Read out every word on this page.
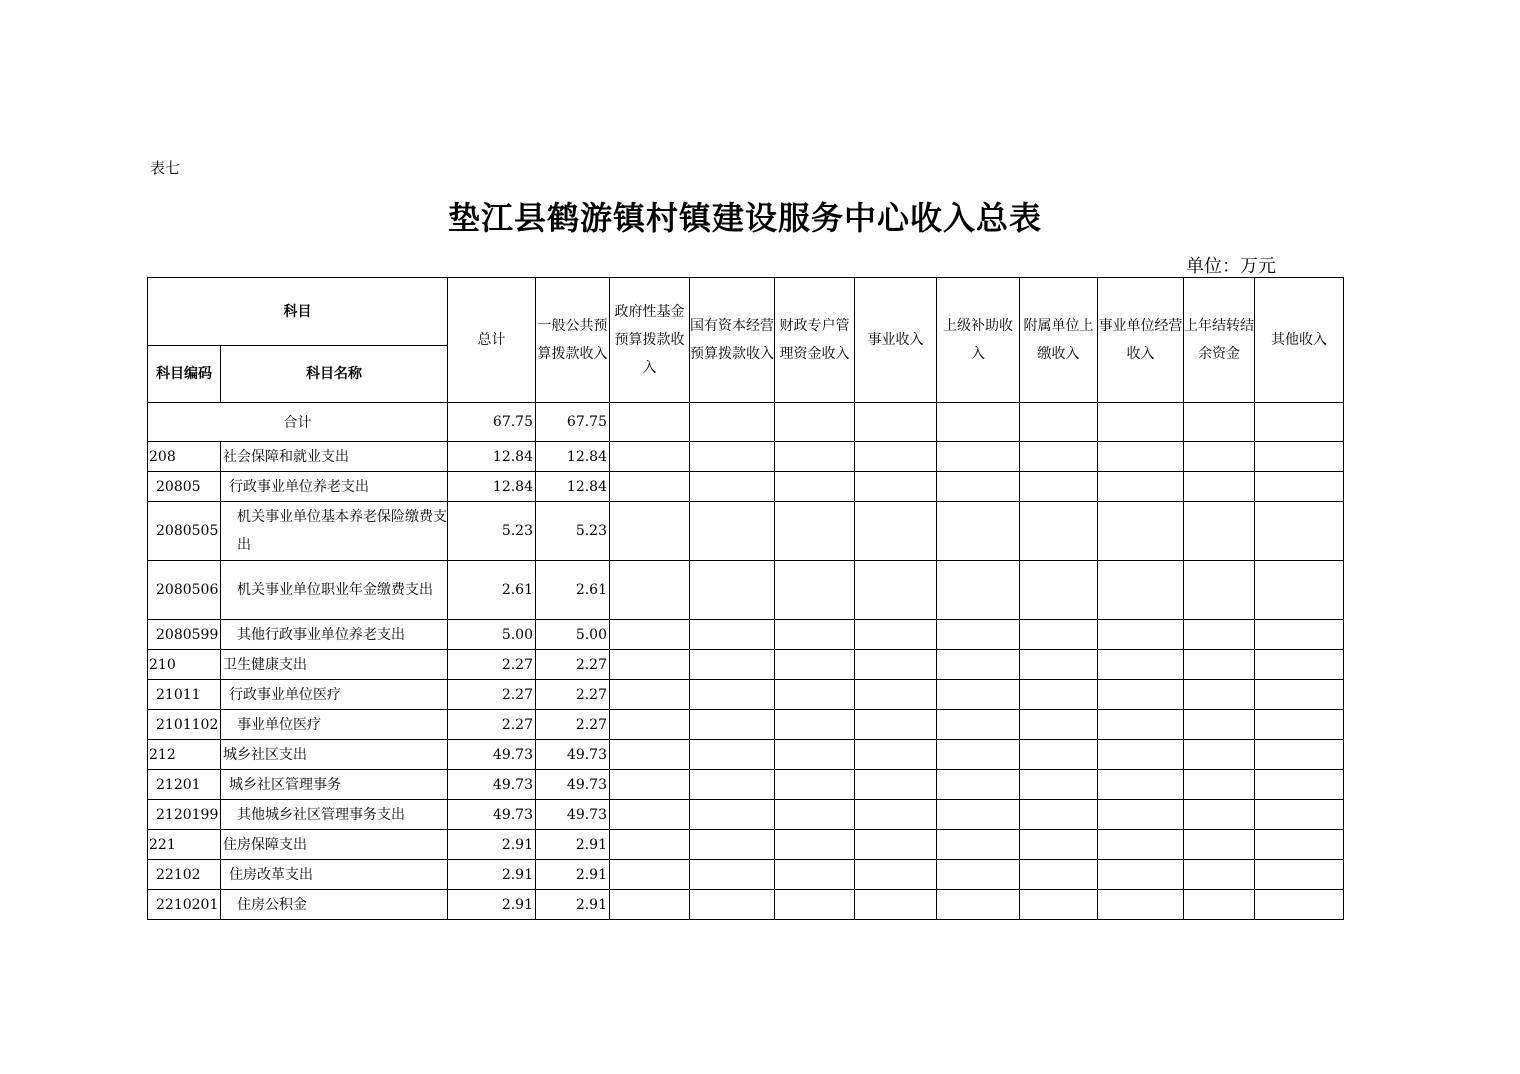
表七
垫江县鹤游镇村镇建设服务中心收入总表
单位：万元
科目		总计	一般公共预算拨款收入	政府性基金预算拨款收入	国有资本经营预算拨款收入	财政专户管理资金收入	事业收入	上级补助收入	附属单位上缴收入	事业单位经营收入	上年结转结余资金	其他收入
科目编码	科目名称											
合计		67.75	67.75									
208	社会保障和就业支出	12.84	12.84									
20805	行政事业单位养老支出	12.84	12.84									
2080505	机关事业单位基本养老保险缴费支出	5.23	5.23									
2080506	机关事业单位职业年金缴费支出	2.61	2.61									
2080599	其他行政事业单位养老支出	5.00	5.00									
210	卫生健康支出	2.27	2.27									
21011	行政事业单位医疗	2.27	2.27									
2101102	事业单位医疗	2.27	2.27									
212	城乡社区支出	49.73	49.73									
21201	城乡社区管理事务	49.73	49.73									
2120199	其他城乡社区管理事务支出	49.73	49.73									
221	住房保障支出	2.91	2.91									
22102	住房改革支出	2.91	2.91									
2210201	住房公积金	2.91	2.91									
